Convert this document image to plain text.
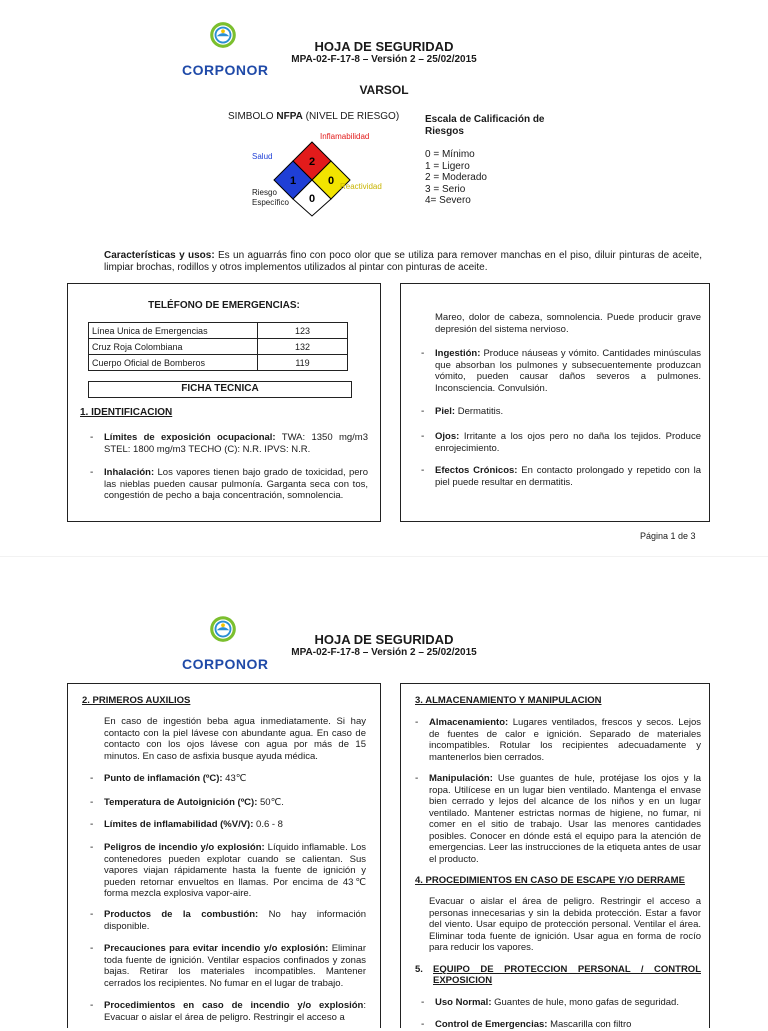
CORPONOR
HOJA DE SEGURIDAD
MPA-02-F-17-8 – Versión 2 – 25/02/2015
VARSOL
SIMBOLO NFPA (NIVEL DE RIESGO)
2
1	0
0
Inflamabilidad
Salud
Reactividad
Riesgo
Específico
Escala de Calificación de
Riesgos
0 = Mínimo
1 = Ligero
2 = Moderado
3 = Serio
4= Severo
Características y usos: Es un aguarrás fino con poco olor que se utiliza para remover manchas en el piso, diluir pinturas de aceite, limpiar brochas, rodillos y otros implementos utilizados al pintar con pinturas de aceite.
TELÉFONO DE EMERGENCIAS:
Línea Unica de Emergencias	123
Cruz Roja Colombiana	132
Cuerpo Oficial de Bomberos	119
FICHA TECNICA
1. IDENTIFICACION
-	Límites de exposición ocupacional: TWA: 1350 mg/m3 STEL: 1800 mg/m3 TECHO (C): N.R. IPVS: N.R.
-	Inhalación: Los vapores tienen bajo grado de toxicidad, pero las nieblas pueden causar pulmonía. Garganta seca con tos, congestión de pecho a baja concentración, somnolencia.
Mareo, dolor de cabeza, somnolencia. Puede producir grave depresión del sistema nervioso.
-	Ingestión: Produce náuseas y vómito. Cantidades minúsculas que absorban los pulmones y subsecuentemente produzcan vómito, pueden causar daños severos a pulmones. Inconsciencia. Convulsión.
-	Piel: Dermatitis.
-	Ojos: Irritante a los ojos pero no daña los tejidos. Produce enrojecimiento.
-	Efectos Crónicos: En contacto prolongado y repetido con la piel puede resultar en dermatitis.
Página 1 de 3
CORPONOR
HOJA DE SEGURIDAD
MPA-02-F-17-8 – Versión 2 – 25/02/2015
2. PRIMEROS AUXILIOS
En caso de ingestión beba agua inmediatamente. Si hay contacto con la piel lávese con abundante agua. En caso de contacto con los ojos lávese con agua por más de 15 minutos. En caso de asfixia busque ayuda médica.
-	Punto de inflamación (ºC): 43℃
-	Temperatura de Autoignición (ºC): 50℃.
-	Límites de inflamabilidad (%V/V): 0.6 - 8
-	Peligros de incendio y/o explosión: Líquido inflamable. Los contenedores pueden explotar cuando se calientan. Sus vapores viajan rápidamente hasta la fuente de ignición y pueden retornar envueltos en llamas. Por encima de 43℃ forma mezcla explosiva vapor-aire.
-	Productos de la combustión: No hay información disponible.
-	Precauciones para evitar incendio y/o explosión: Eliminar toda fuente de ignición. Ventilar espacios confinados y zonas bajas. Retirar los materiales incompatibles. Mantener cerrados los recipientes. No fumar en el lugar de trabajo.
-	Procedimientos en caso de incendio y/o explosión: Evacuar o aislar el área de peligro. Restringir el acceso a
3. ALMACENAMIENTO Y MANIPULACION
-	Almacenamiento: Lugares ventilados, frescos y secos. Lejos de fuentes de calor e ignición. Separado de materiales incompatibles. Rotular los recipientes adecuadamente y mantenerlos bien cerrados.
-	Manipulación: Use guantes de hule, protéjase los ojos y la ropa. Utilícese en un lugar bien ventilado. Mantenga el envase bien cerrado y lejos del alcance de los niños y en un lugar ventilado. Mantener estrictas normas de higiene, no fumar, ni comer en el sitio de trabajo. Usar las menores cantidades posibles. Conocer en dónde está el equipo para la atención de emergencias. Leer las instrucciones de la etiqueta antes de usar el producto.
4. PROCEDIMIENTOS EN CASO DE ESCAPE Y/O DERRAME
Evacuar o aislar el área de peligro. Restringir el acceso a personas innecesarias y sin la debida protección. Estar a favor del viento. Usar equipo de protección personal. Ventilar el área. Eliminar toda fuente de ignición. Usar agua en forma de rocío para reducir los vapores.
5.	EQUIPO DE PROTECCION PERSONAL / CONTROL EXPOSICION
-	Uso Normal: Guantes de hule, mono gafas de seguridad.
-	Control de Emergencias: Mascarilla con filtro
